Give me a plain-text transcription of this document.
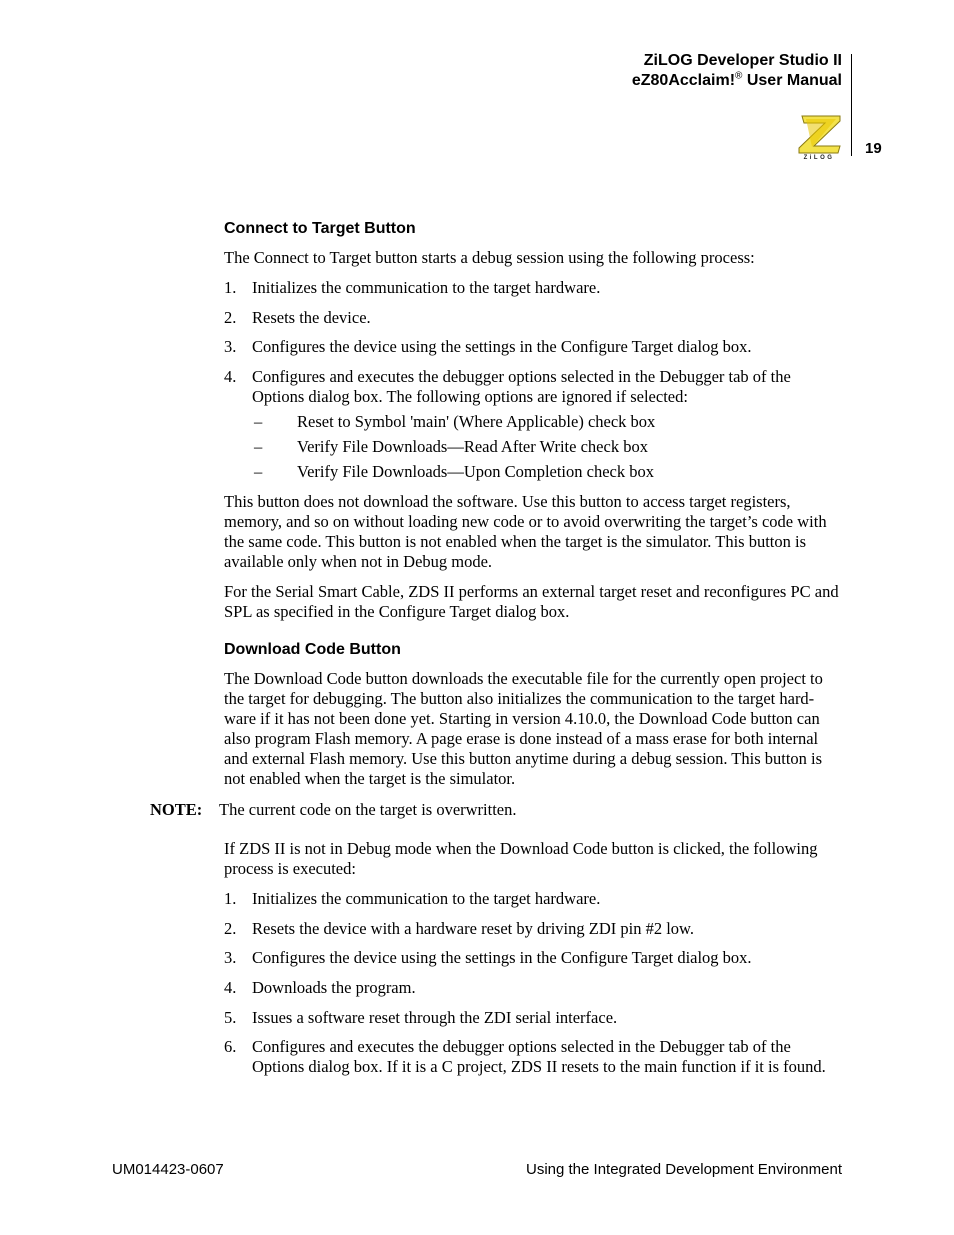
ZiLOG Developer Studio II
eZ80Acclaim!® User Manual
ZiLOG
19
Connect to Target Button
The Connect to Target button starts a debug session using the following process:
1. Initializes the communication to the target hardware.
2. Resets the device.
3. Configures the device using the settings in the Configure Target dialog box.
4. Configures and executes the debugger options selected in the Debugger tab of the Options dialog box. The following options are ignored if selected:
– Reset to Symbol 'main' (Where Applicable) check box
– Verify File Downloads—Read After Write check box
– Verify File Downloads—Upon Completion check box
This button does not download the software. Use this button to access target registers, memory, and so on without loading new code or to avoid overwriting the target’s code with the same code. This button is not enabled when the target is the simulator. This button is available only when not in Debug mode.
For the Serial Smart Cable, ZDS II performs an external target reset and reconfigures PC and SPL as specified in the Configure Target dialog box.
Download Code Button
The Download Code button downloads the executable file for the currently open project to the target for debugging. The button also initializes the communication to the target hard-ware if it has not been done yet. Starting in version 4.10.0, the Download Code button can also program Flash memory. A page erase is done instead of a mass erase for both internal and external Flash memory. Use this button anytime during a debug session. This button is not enabled when the target is the simulator.
NOTE: The current code on the target is overwritten.
If ZDS II is not in Debug mode when the Download Code button is clicked, the following process is executed:
1. Initializes the communication to the target hardware.
2. Resets the device with a hardware reset by driving ZDI pin #2 low.
3. Configures the device using the settings in the Configure Target dialog box.
4. Downloads the program.
5. Issues a software reset through the ZDI serial interface.
6. Configures and executes the debugger options selected in the Debugger tab of the Options dialog box. If it is a C project, ZDS II resets to the main function if it is found.
UM014423-0607	Using the Integrated Development Environment
